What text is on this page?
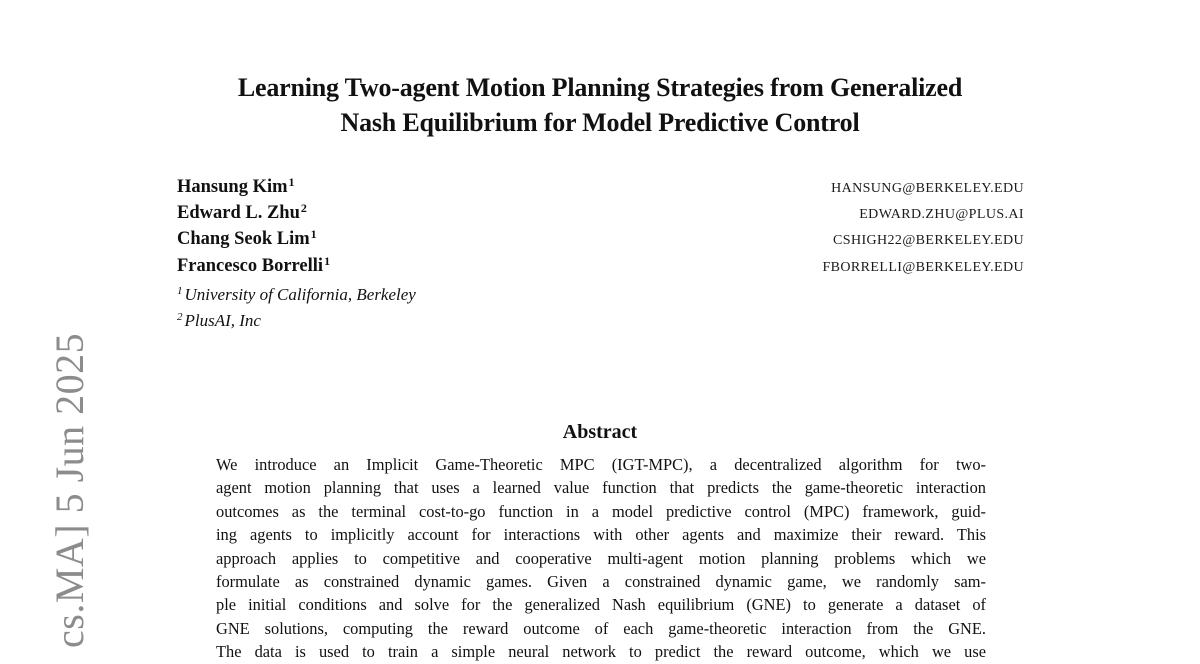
cs.MA] 5 Jun 2025
Learning Two-agent Motion Planning Strategies from Generalized
Nash Equilibrium for Model Predictive Control
Hansung Kim$^1$
Edward L. Zhu$^2$
Chang Seok Lim$^1$
Francesco Borrelli$^1$
HANSUNG@BERKELEY.EDU
EDWARD.ZHU@PLUS.AI
CSHIGH22@BERKELEY.EDU
FBORRELLI@BERKELEY.EDU
$^1$ University of California, Berkeley
$^2$ PlusAI, Inc
Abstract
We introduce an Implicit Game-Theoretic MPC (IGT-MPC), a decentralized algorithm for two-
agent motion planning that uses a learned value function that predicts the game-theoretic interaction
outcomes as the terminal cost-to-go function in a model predictive control (MPC) framework, guid-
ing agents to implicitly account for interactions with other agents and maximize their reward. This
approach applies to competitive and cooperative multi-agent motion planning problems which we
formulate as constrained dynamic games. Given a constrained dynamic game, we randomly sam-
ple initial conditions and solve for the generalized Nash equilibrium (GNE) to generate a dataset of
GNE solutions, computing the reward outcome of each game-theoretic interaction from the GNE.
The data is used to train a simple neural network to predict the reward outcome, which we use
